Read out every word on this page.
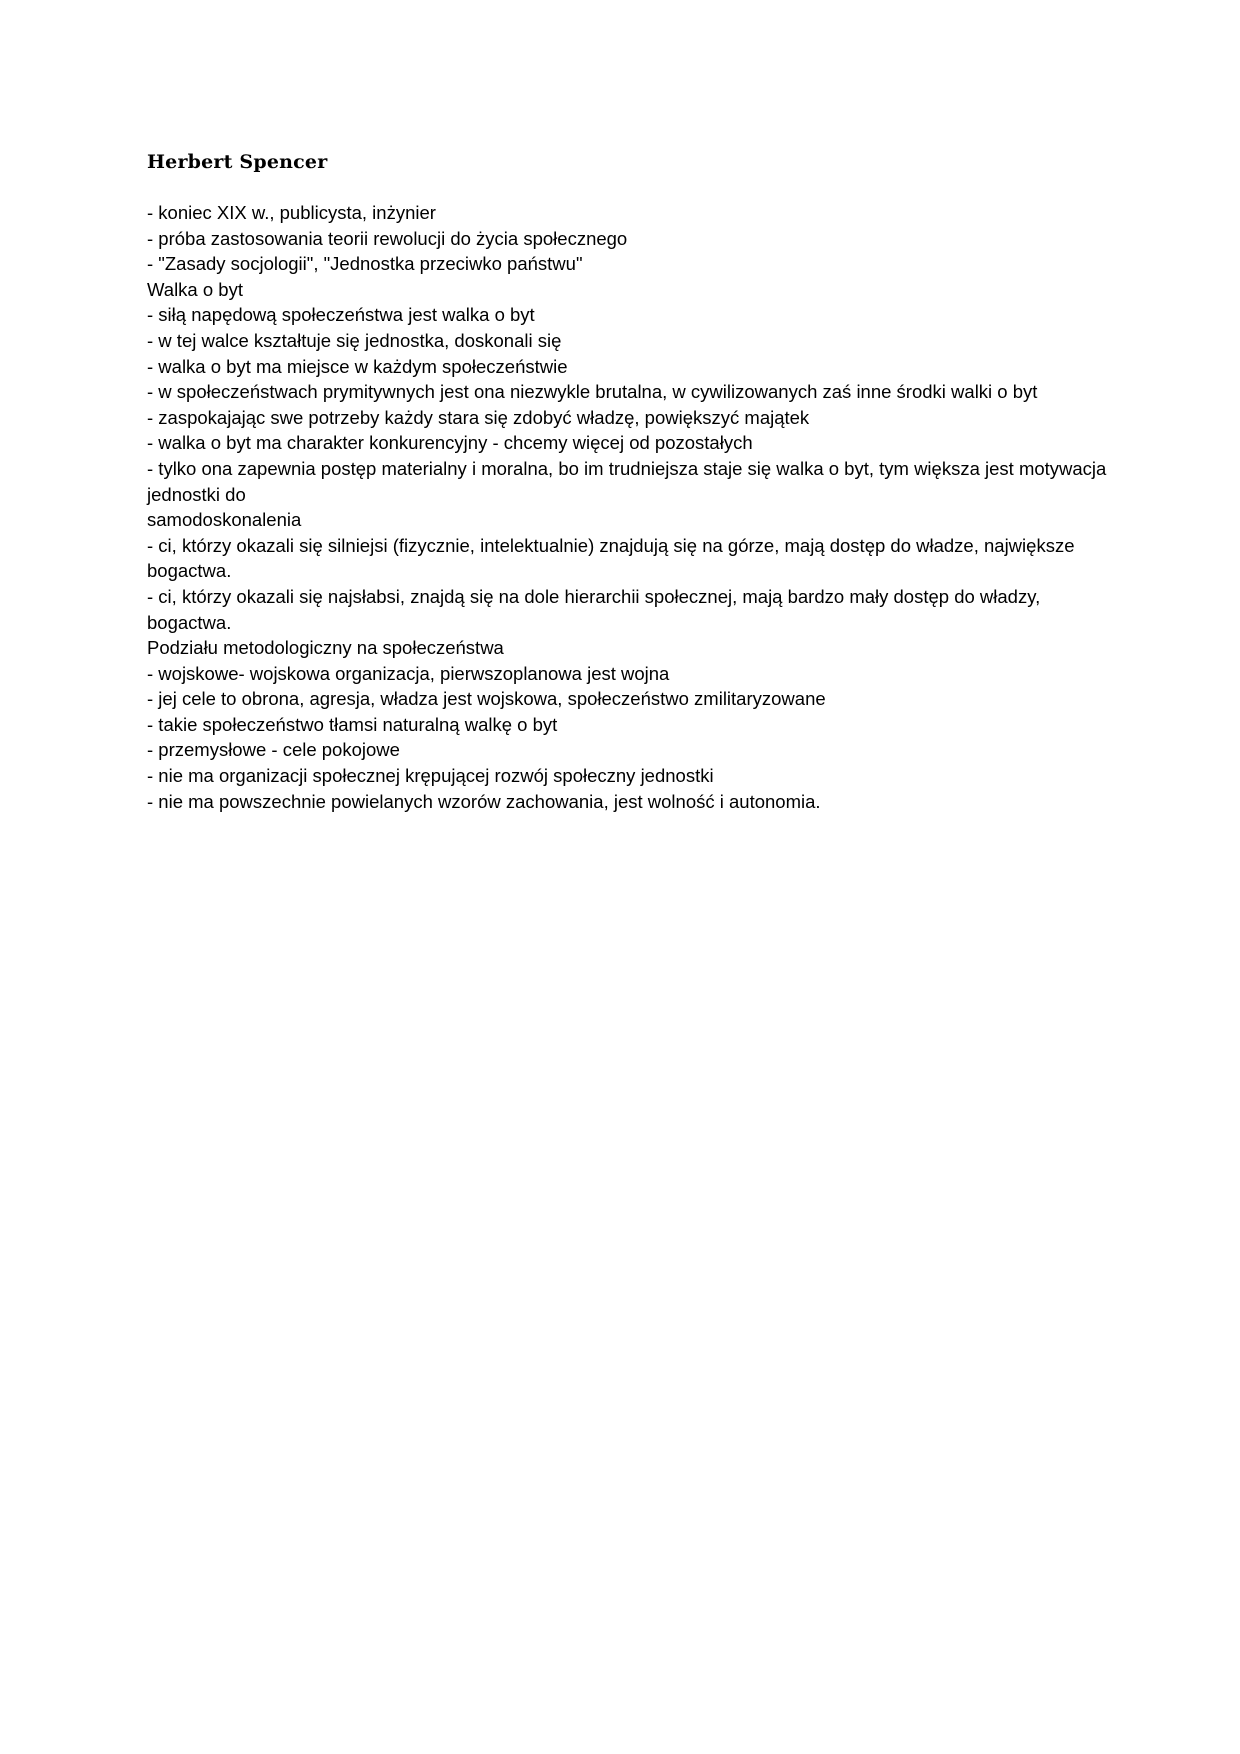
Herbert Spencer

- koniec XIX w., publicysta, inżynier

- próba zastosowania teorii rewolucji do życia społecznego

- "Zasady socjologii", "Jednostka przeciwko państwu"

Walka o byt

- siłą napędową społeczeństwa jest walka o byt

- w tej walce kształtuje się jednostka, doskonali się

- walka o byt ma miejsce w każdym społeczeństwie

- w społeczeństwach prymitywnych jest ona niezwykle brutalna, w cywilizowanych zaś inne środki walki o byt

- zaspokajając swe potrzeby każdy stara się zdobyć władzę, powiększyć majątek

- walka o byt ma charakter konkurencyjny - chcemy więcej od pozostałych

- tylko ona zapewnia postęp materialny i moralna, bo im trudniejsza staje się walka o byt, tym większa jest motywacja jednostki do

samodoskonalenia

- ci, którzy okazali się silniejsi (fizycznie, intelektualnie) znajdują się na górze, mają dostęp do władze, największe bogactwa.

- ci, którzy okazali się najsłabsi, znajdą się na dole hierarchii społecznej, mają bardzo mały dostęp do władzy, bogactwa.

Podziału metodologiczny na społeczeństwa

- wojskowe- wojskowa organizacja, pierwszoplanowa jest wojna

- jej cele to obrona, agresja, władza jest wojskowa, społeczeństwo zmilitaryzowane

- takie społeczeństwo tłamsi naturalną walkę o byt

- przemysłowe - cele pokojowe

- nie ma organizacji społecznej krępującej rozwój społeczny jednostki

- nie ma powszechnie powielanych wzorów zachowania, jest wolność i autonomia.
